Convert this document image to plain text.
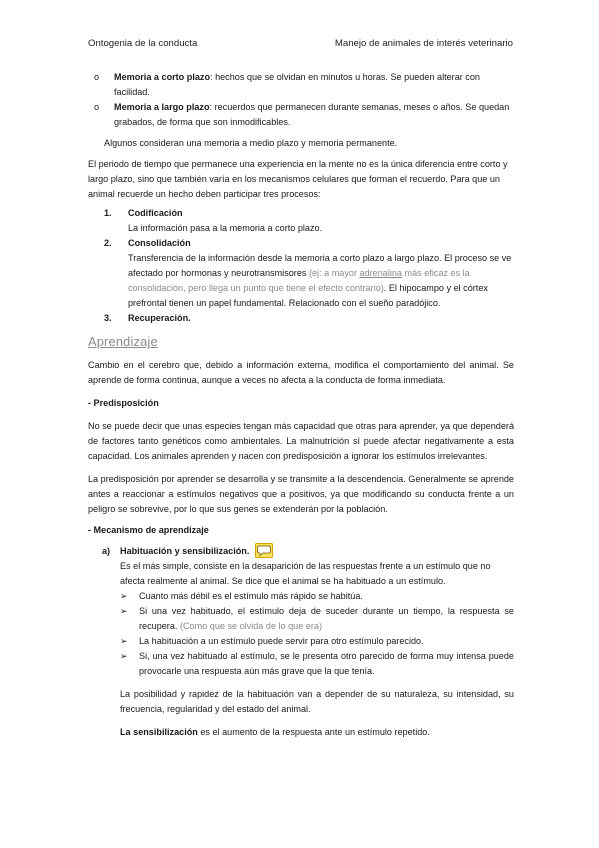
Ontogenia de la conducta	Manejo de animales de interés veterinario
o	Memoria a corto plazo: hechos que se olvidan en minutos u horas. Se pueden alterar con facilidad.
o	Memoria a largo plazo: recuerdos que permanecen durante semanas, meses o años. Se quedan grabados, de forma que son inmodificables.

Algunos consideran una memoria a medio plazo y memoria permanente.

El periodo de tiempo que permanece una experiencia en la mente no es la única diferencia entre corto y largo plazo, sino que también varía en los mecanismos celulares que forman el recuerdo. Para que un animal recuerde un hecho deben participar tres procesos:

1.	Codificación
La información pasa a la memoria a corto plazo.
2.	Consolidación
Transferencia de la información desde la memoria a corto plazo a largo plazo. El proceso se ve afectado por hormonas y neurotransmisores (ej: a mayor adrenalina más eficaz es la consolidación, pero llega un punto que tiene el efecto contrario). El hipocampo y el córtex prefrontal tienen un papel fundamental. Relacionado con el sueño paradójico.
3.	Recuperación.
Aprendizaje

Cambio en el cerebro que, debido a información externa, modifica el comportamiento del animal. Se aprende de forma continua, aunque a veces no afecta a la conducta de forma inmediata.

- Predisposición

No se puede decir que unas especies tengan más capacidad que otras para aprender, ya que dependerá de factores tanto genéticos como ambientales. La malnutrición sí puede afectar negativamente a esta capacidad. Los animales aprenden y nacen con predisposición a ignorar los estímulos irrelevantes.

La predisposición por aprender se desarrolla y se transmite a la descendencia. Generalmente se aprende antes a reaccionar a estímulos negativos que a positivos, ya que modificando su conducta frente a un peligro se sobrevive, por lo que sus genes se extenderán por la población.

- Mecanismo de aprendizaje

a)	Habituación y sensibilización.
Es el más simple, consiste en la desaparición de las respuestas frente a un estímulo que no afecta realmente al animal. Se dice que el animal se ha habituado a un estímulo.
➢	Cuanto más débil es el estímulo más rápido se habitúa.
➢	Si una vez habituado, el estímulo deja de suceder durante un tiempo, la respuesta se recupera. (Como que se olvida de lo que era)
➢	La habituación a un estímulo puede servir para otro estímulo parecido.
➢	Si, una vez habituado al estímulo, se le presenta otro parecido de forma muy intensa puede provocarle una respuesta aún más grave que la que tenía.

La posibilidad y rapidez de la habituación van a depender de su naturaleza, su intensidad, su frecuencia, regularidad y del estado del animal.

La sensibilización es el aumento de la respuesta ante un estímulo repetido.
